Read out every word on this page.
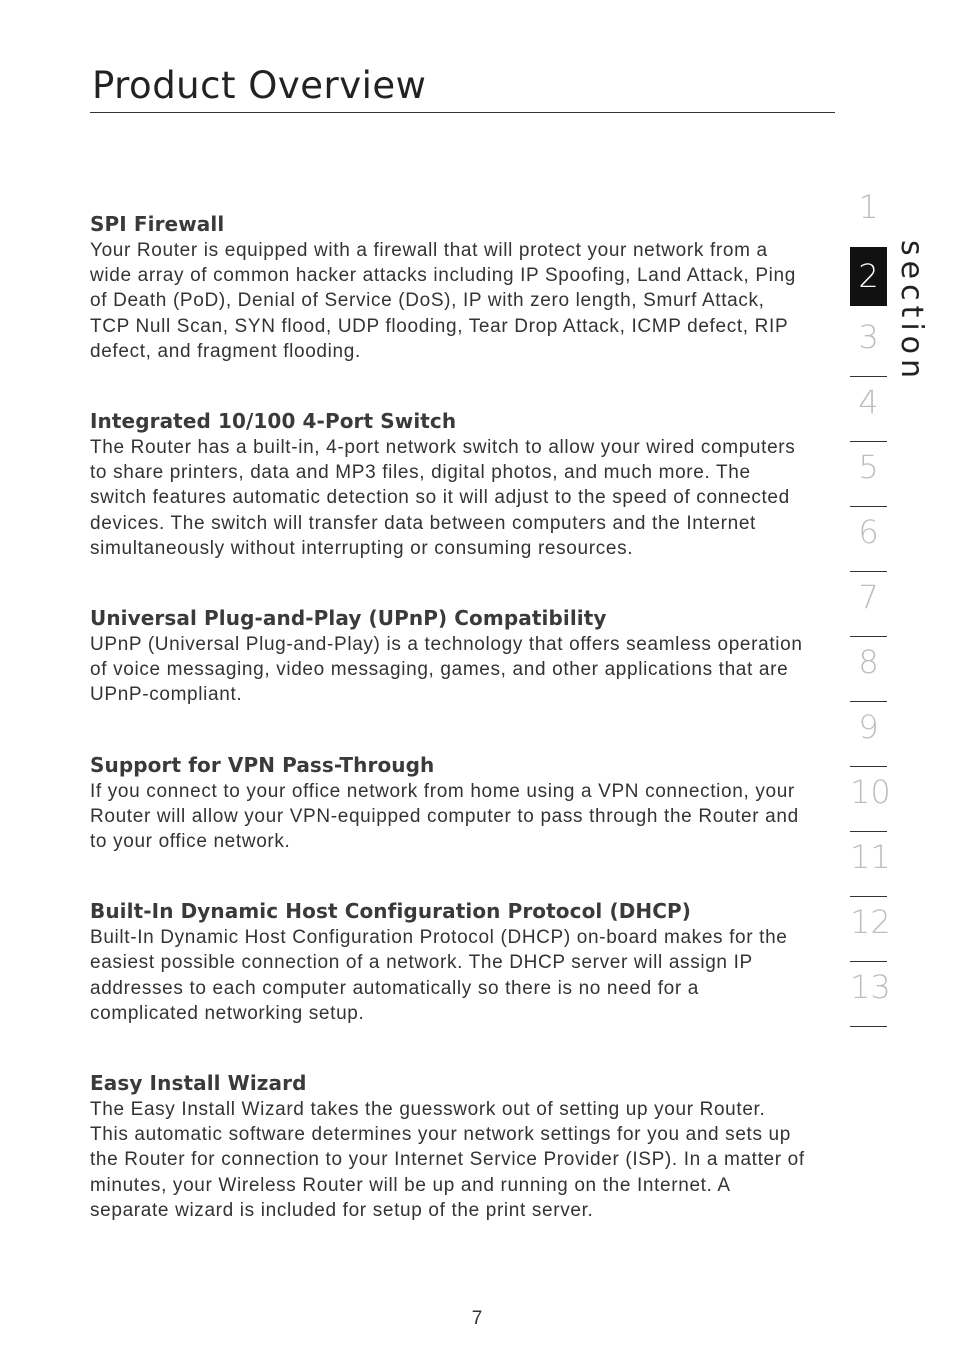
Product Overview
SPI Firewall

Your Router is equipped with a firewall that will protect your network from a wide array of common hacker attacks including IP Spoofing, Land Attack, Ping of Death (PoD), Denial of Service (DoS), IP with zero length, Smurf Attack, TCP Null Scan, SYN flood, UDP flooding, Tear Drop Attack, ICMP defect, RIP defect, and fragment flooding.

Integrated 10/100 4-Port Switch

The Router has a built-in, 4-port network switch to allow your wired computers to share printers, data and MP3 files, digital photos, and much more. The switch features automatic detection so it will adjust to the speed of connected devices. The switch will transfer data between computers and the Internet simultaneously without interrupting or consuming resources.

Universal Plug-and-Play (UPnP) Compatibility

UPnP (Universal Plug-and-Play) is a technology that offers seamless operation of voice messaging, video messaging, games, and other applications that are UPnP-compliant.

Support for VPN Pass-Through

If you connect to your office network from home using a VPN connection, your Router will allow your VPN-equipped computer to pass through the Router and to your office network.

Built-In Dynamic Host Configuration Protocol (DHCP)

Built-In Dynamic Host Configuration Protocol (DHCP) on-board makes for the easiest possible connection of a network. The DHCP server will assign IP addresses to each computer automatically so there is no need for a complicated networking setup.

Easy Install Wizard

The Easy Install Wizard takes the guesswork out of setting up your Router. This automatic software determines your network settings for you and sets up the Router for connection to your Internet Service Provider (ISP). In a matter of minutes, your Wireless Router will be up and running on the Internet. A separate wizard is included for setup of the print server.

1
2
3
4
5
6
7
8
9
10
11
12
13
section
7
